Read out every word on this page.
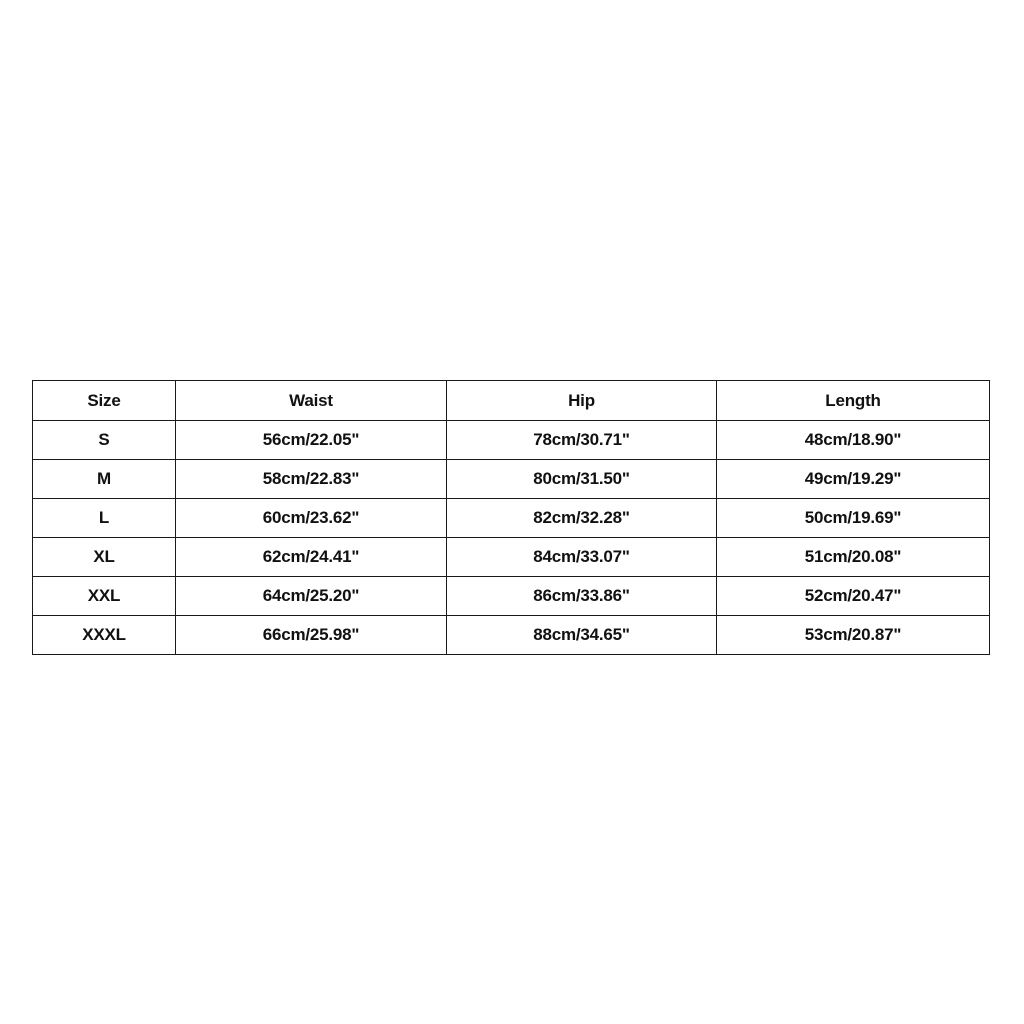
Size	Waist	Hip	Length
S	56cm/22.05"	78cm/30.71"	48cm/18.90"
M	58cm/22.83"	80cm/31.50"	49cm/19.29"
L	60cm/23.62"	82cm/32.28"	50cm/19.69"
XL	62cm/24.41"	84cm/33.07"	51cm/20.08"
XXL	64cm/25.20"	86cm/33.86"	52cm/20.47"
XXXL	66cm/25.98"	88cm/34.65"	53cm/20.87"
